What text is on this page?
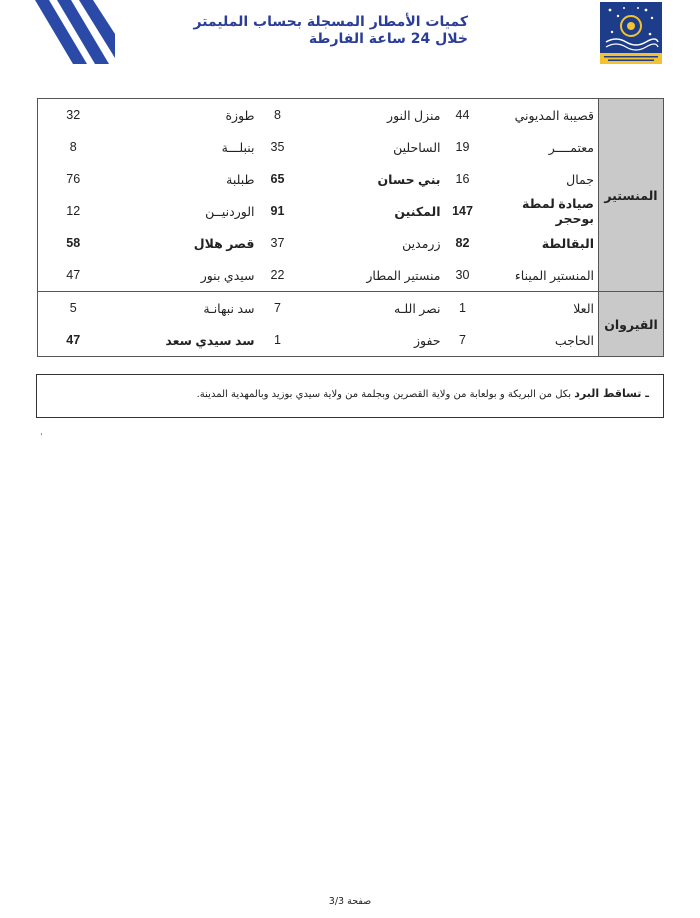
كميات الأمطار المسجلة بحساب المليمتر
خلال 24 ساعة الفارطة
المنستير	قصيبة المديوني	44	منزل النور	8	طوزة	32
	معتمــــر	19	الساحلين	35	بنبلـــة	8
	جمال	16	بني حسان	65	طبلبة	76
	صيادة لمطة بوحجر	147	المكنين	91	الوردنيــن	12
	البقالطة	82	زرمدين	37	قصر هلال	58
	المنستير الميناء	30	منستير المطار	22	سيدي بنور	47
القيروان	العلا	1	نصر اللـه	7	سد نبهانـة	5
	الحاجب	7	حفوز	1	سد سيدي سعد	47
ـ تساقط البرد بكل من البريكة و بولعابة من ولاية القصرين وبجلمة من ولاية سيدي بوزيد وبالمهدية المدينة.
،
صفحة 3/3
